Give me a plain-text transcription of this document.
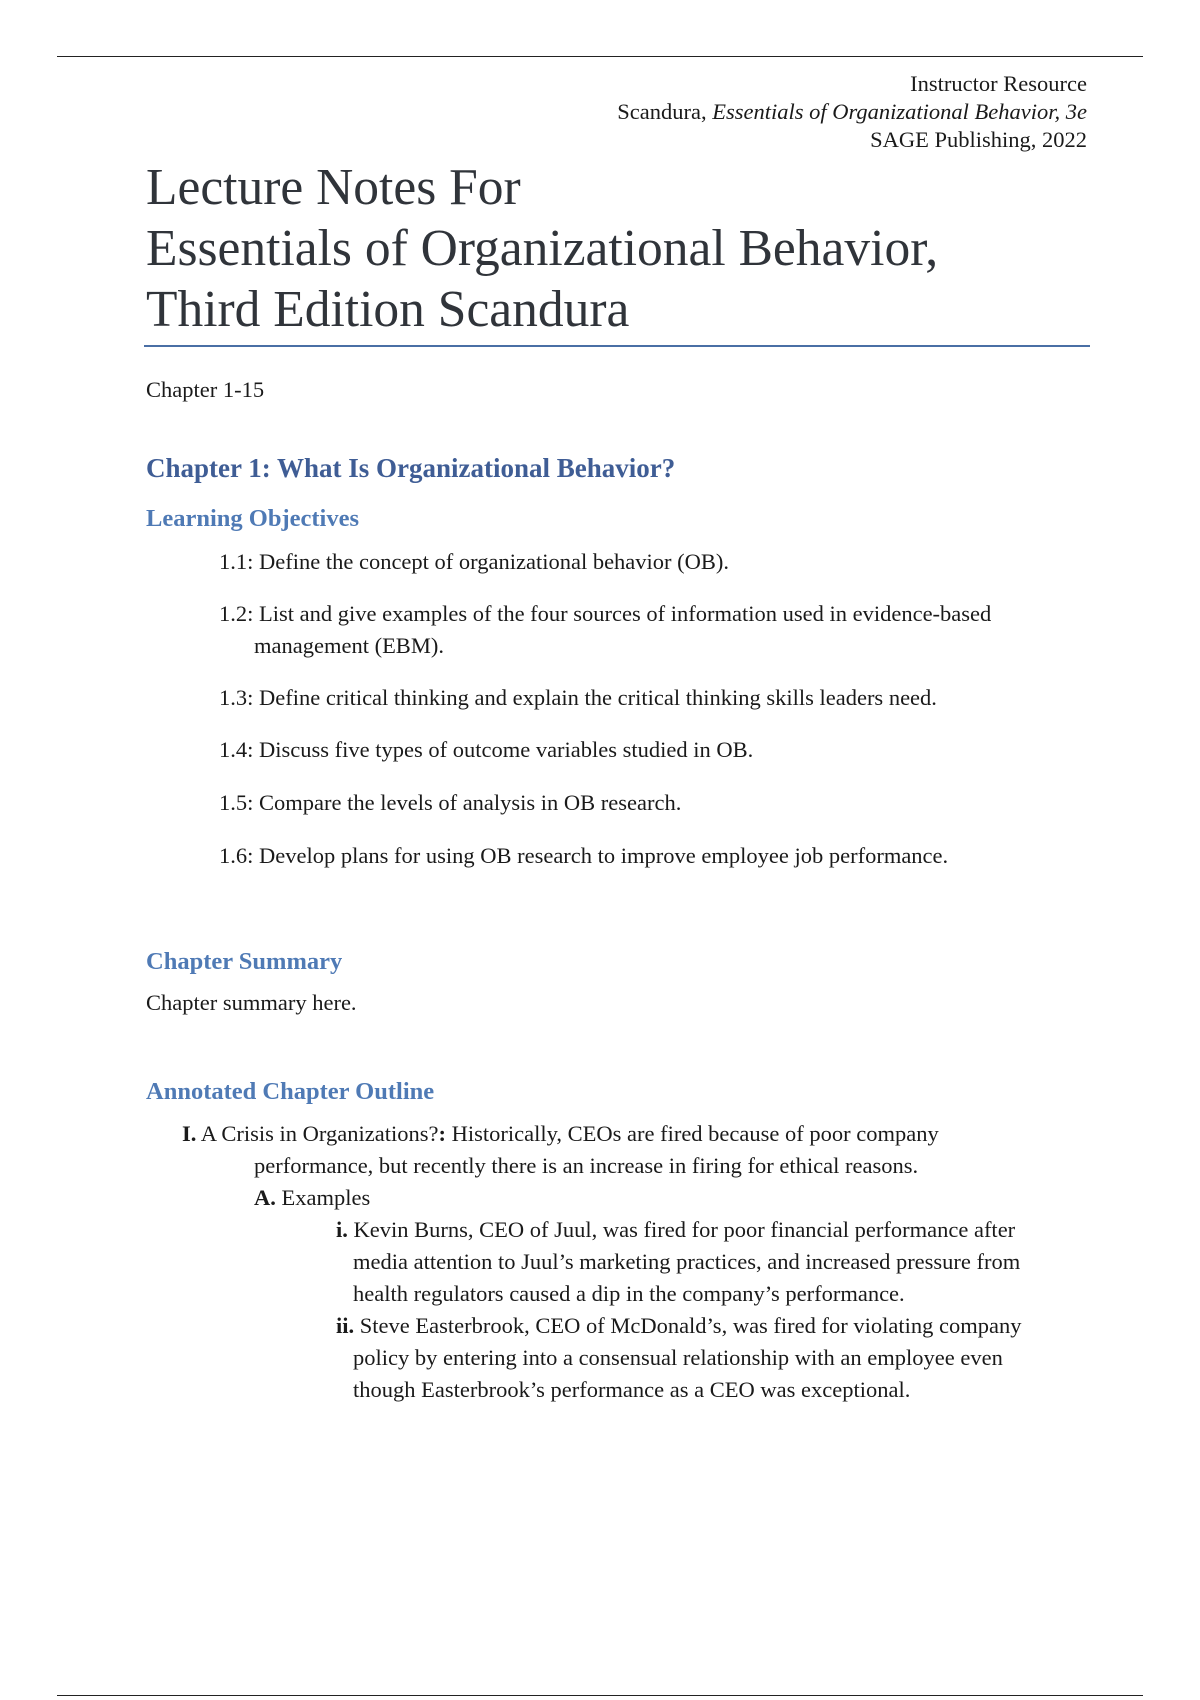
Instructor Resource
Scandura, Essentials of Organizational Behavior, 3e
SAGE Publishing, 2022
Lecture Notes For
Essentials of Organizational Behavior,
Third Edition Scandura
Chapter 1-15
Chapter 1: What Is Organizational Behavior?
Learning Objectives
1.1: Define the concept of organizational behavior (OB).
1.2: List and give examples of the four sources of information used in evidence-based
management (EBM).
1.3: Define critical thinking and explain the critical thinking skills leaders need.
1.4: Discuss five types of outcome variables studied in OB.
1.5: Compare the levels of analysis in OB research.
1.6: Develop plans for using OB research to improve employee job performance.
Chapter Summary
Chapter summary here.
Annotated Chapter Outline
I. A Crisis in Organizations?: Historically, CEOs are fired because of poor company
performance, but recently there is an increase in firing for ethical reasons.
A. Examples
i. Kevin Burns, CEO of Juul, was fired for poor financial performance after
media attention to Juul’s marketing practices, and increased pressure from
health regulators caused a dip in the company’s performance.
ii. Steve Easterbrook, CEO of McDonald’s, was fired for violating company
policy by entering into a consensual relationship with an employee even
though Easterbrook’s performance as a CEO was exceptional.
